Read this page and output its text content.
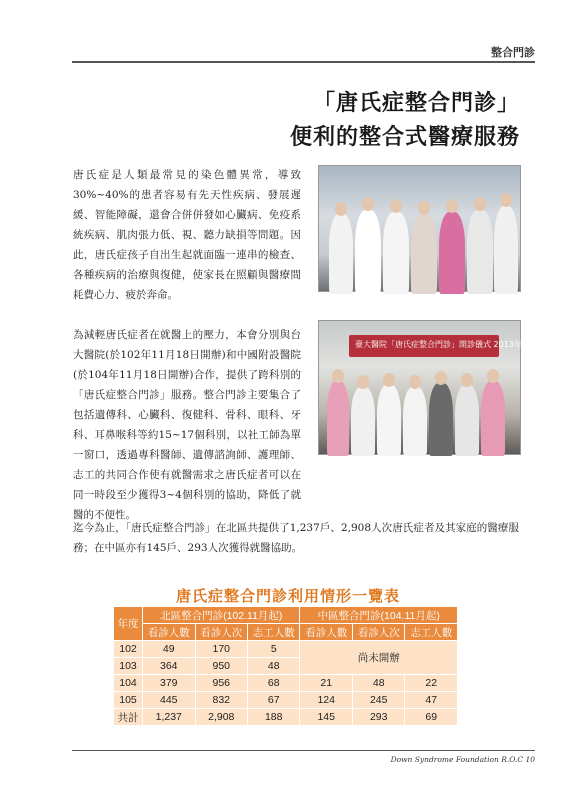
整合門診
「唐氏症整合門診」
便利的整合式醫療服務

唐氏症是人類最常見的染色體異常，導致30%~40%的患者容易有先天性疾病、發展遲緩、智能障礙，還會合併併發如心臟病、免疫系統疾病、肌肉張力低、視、聽力缺損等問題。因此，唐氏症孩子自出生起就面臨一連串的檢查、各種疾病的治療與復健，使家長在照顧與醫療間耗費心力、疲於奔命。

為減輕唐氏症者在就醫上的壓力，本會分別與台大醫院(於102年11月18日開辦)和中國附設醫院(於104年11月18日開辦)合作，提供了跨科別的「唐氏症整合門診」服務。整合門診主要集合了包括遺傳科、心臟科、復健科、骨科、眼科、牙科、耳鼻喉科等約15~17個科別，以社工師為單一窗口，透過專科醫師、遺傳諮詢師、護理師、志工的共同合作使有就醫需求之唐氏症者可以在同一時段至少獲得3~4個科別的協助，降低了就醫的不便性。

臺大醫院「唐氏症整合門診」開診儀式 2013年11月18日

迄今為止，「唐氏症整合門診」在北區共提供了1,237戶、2,908人次唐氏症者及其家庭的醫療服務；在中區亦有145戶、293人次獲得就醫協助。

唐氏症整合門診利用情形一覽表
年度	北區整合門診(102.11月起)			中區整合門診(104.11月起)		
	看診人數	看診人次	志工人數	看診人數	看診人次	志工人數
102	49	170	5	尚未開辦		
103	364	950	48			
104	379	956	68	21	48	22
105	445	832	67	124	245	47
共計	1,237	2,908	188	145	293	69
Down Syndrome Foundation R.O.C 10
